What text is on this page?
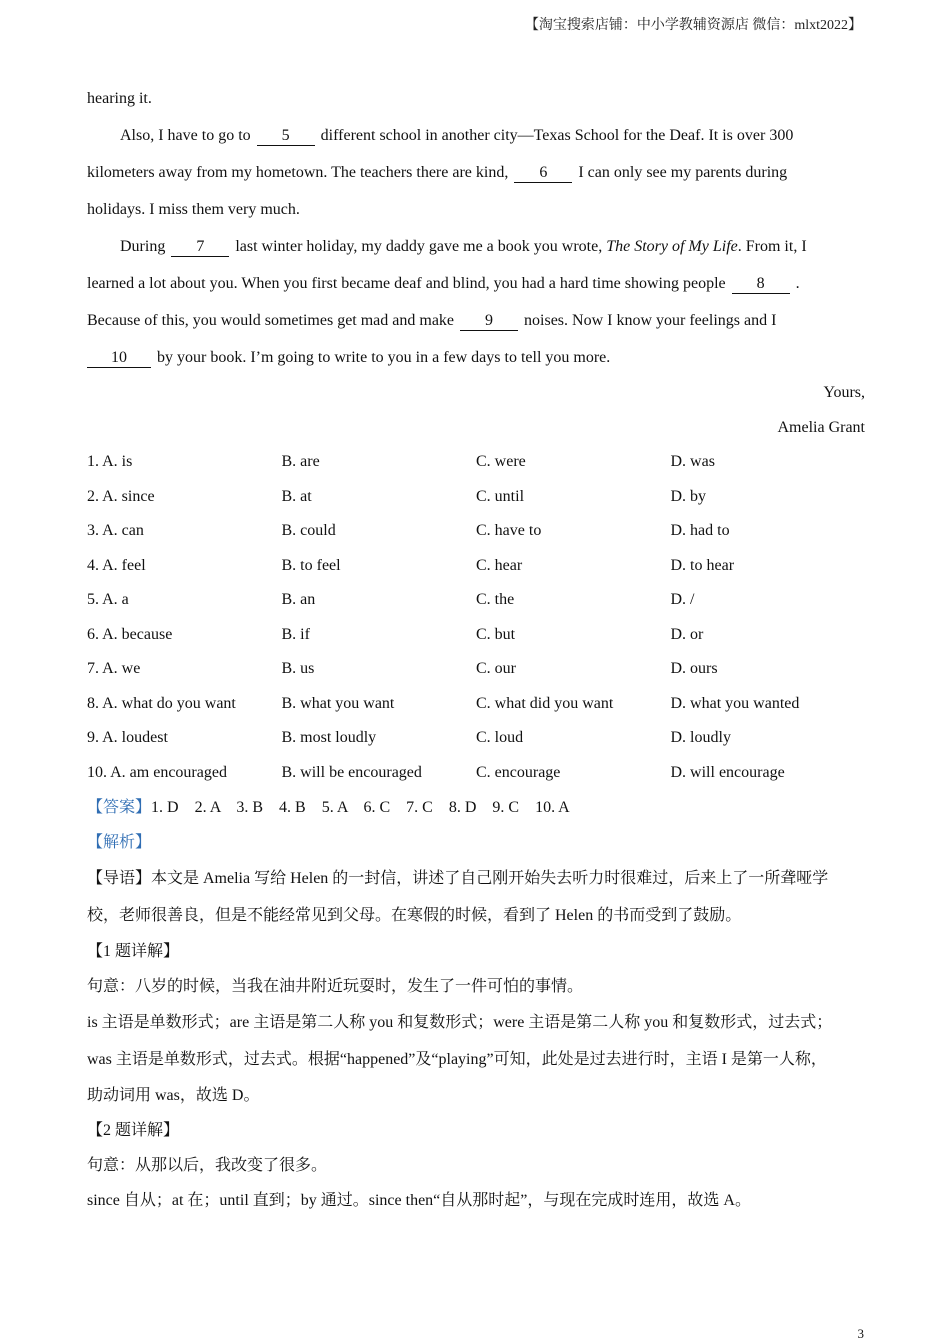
【淘宝搜索店铺：中小学教辅资源店 微信：mlxt2022】
hearing it.
Also, I have to go to 5 different school in another city—Texas School for the Deaf. It is over 300
kilometers away from my hometown. The teachers there are kind, 6 I can only see my parents during
holidays. I miss them very much.
During 7 last winter holiday, my daddy gave me a book you wrote, The Story of My Life. From it, I
learned a lot about you. When you first became deaf and blind, you had a hard time showing people 8 .
Because of this, you would sometimes get mad and make 9 noises. Now I know your feelings and I
10 by your book. I’m going to write to you in a few days to tell you more.
Yours,
Amelia Grant
1. A. is	B. are	C. were	D. was
2. A. since	B. at	C. until	D. by
3. A. can	B. could	C. have to	D. had to
4. A. feel	B. to feel	C. hear	D. to hear
5. A. a	B. an	C. the	D. /
6. A. because	B. if	C. but	D. or
7. A. we	B. us	C. our	D. ours
8. A. what do you want	B. what you want	C. what did you want	D. what you wanted
9. A. loudest	B. most loudly	C. loud	D. loudly
10. A. am encouraged	B. will be encouraged	C. encourage	D. will encourage
【答案】1. D    2. A    3. B    4. B    5. A    6. C    7. C    8. D    9. C    10. A
【解析】
【导语】本文是 Amelia 写给 Helen 的一封信，讲述了自己刚开始失去听力时很难过，后来上了一所聋哑学
校，老师很善良，但是不能经常见到父母。在寒假的时候，看到了 Helen 的书而受到了鼓励。
【1 题详解】
句意：八岁的时候，当我在油井附近玩耍时，发生了一件可怕的事情。
is 主语是单数形式；are 主语是第二人称 you 和复数形式；were 主语是第二人称 you 和复数形式，过去式；
was 主语是单数形式，过去式。根据“happened”及“playing”可知，此处是过去进行时，主语 I 是第一人称，
助动词用 was，故选 D。
【2 题详解】
句意：从那以后，我改变了很多。
since 自从；at 在；until 直到；by 通过。since then“自从那时起”，与现在完成时连用，故选 A。
3
